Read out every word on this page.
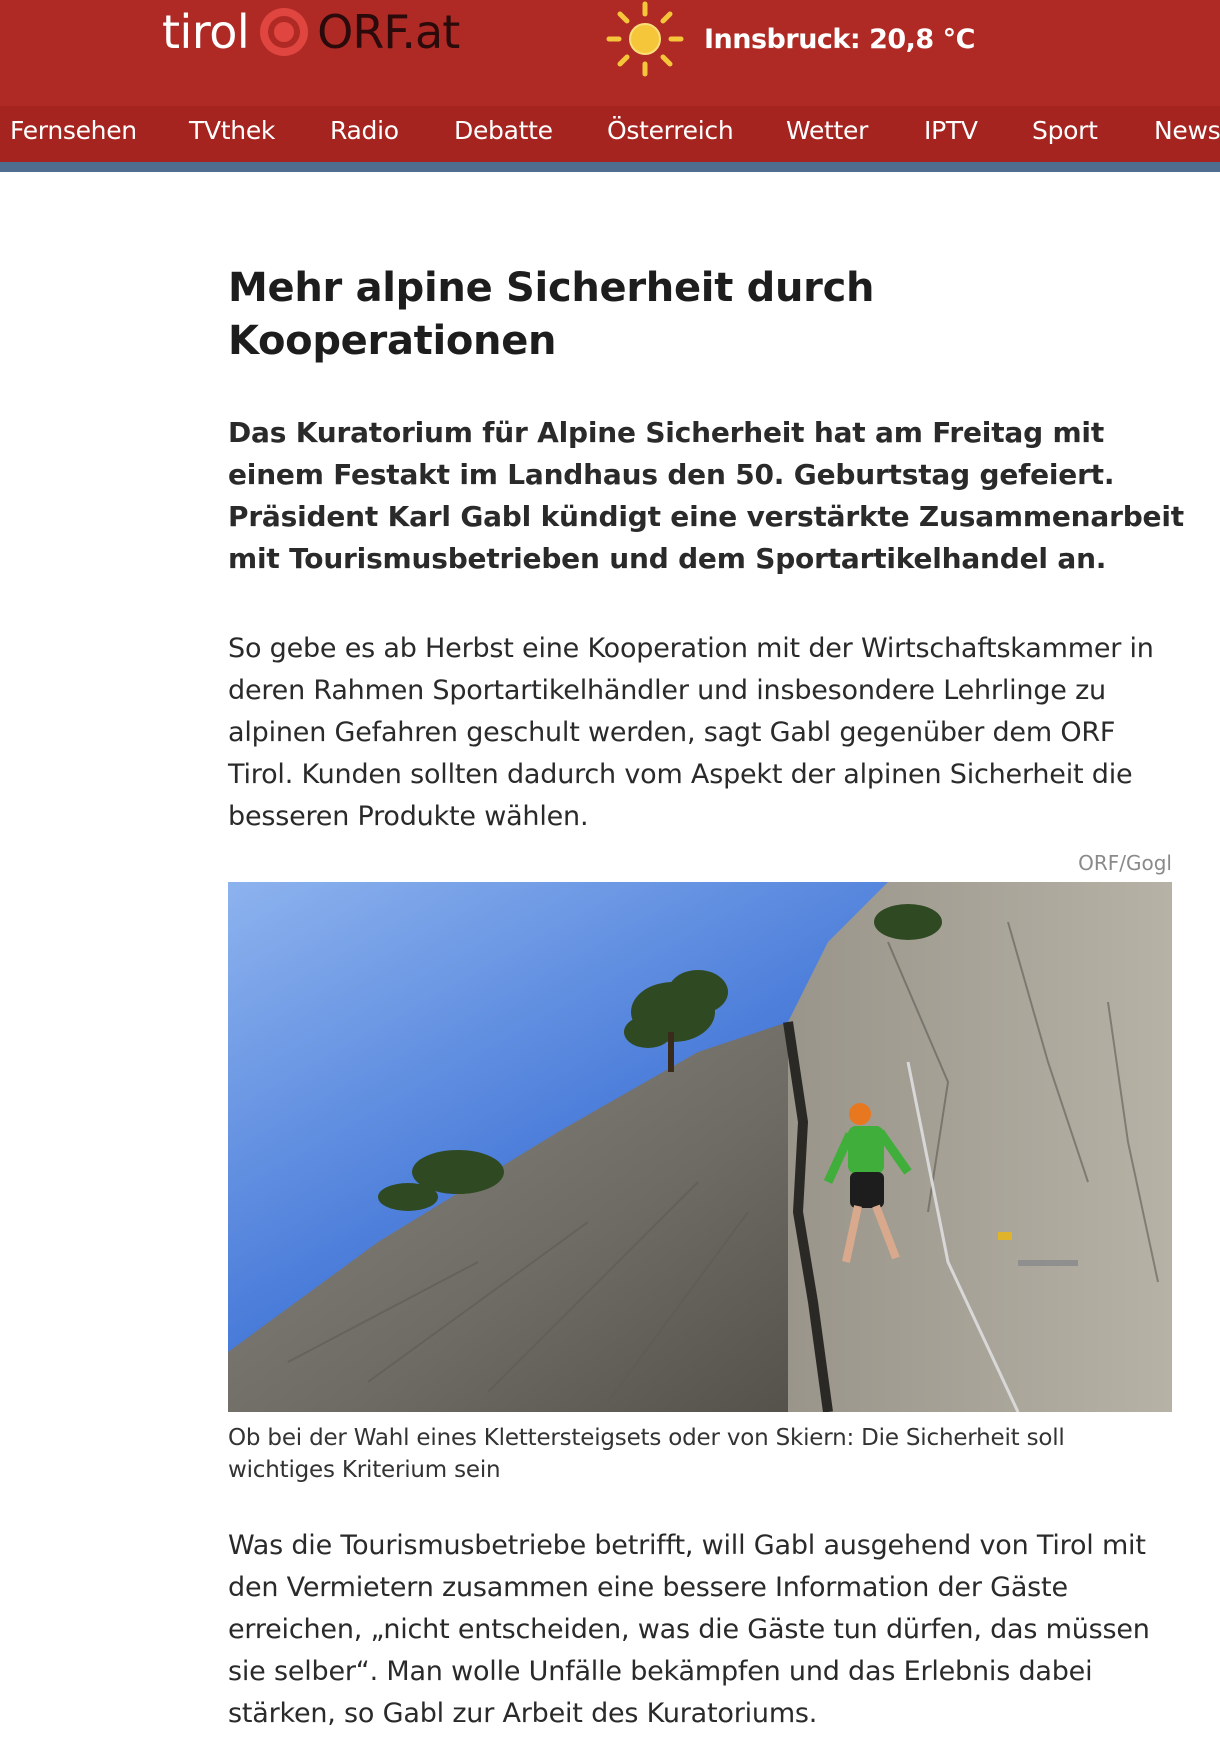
tirol ORF.at	Innsbruck: 20,8 °C
Fernsehen TVthek Radio Debatte Österreich Wetter IPTV Sport News
Mehr alpine Sicherheit durch
Kooperationen

Das Kuratorium für Alpine Sicherheit hat am Freitag mit einem Festakt im Landhaus den 50. Geburtstag gefeiert. Präsident Karl Gabl kündigt eine verstärkte Zusammenarbeit mit Tourismusbetrieben und dem Sportartikelhandel an.

So gebe es ab Herbst eine Kooperation mit der Wirtschaftskammer in deren Rahmen Sportartikelhändler und insbesondere Lehrlinge zu alpinen Gefahren geschult werden, sagt Gabl gegenüber dem ORF Tirol. Kunden sollten dadurch vom Aspekt der alpinen Sicherheit die besseren Produkte wählen.

ORF/Gogl

Ob bei der Wahl eines Klettersteigsets oder von Skiern: Die Sicherheit soll wichtiges Kriterium sein

Was die Tourismusbetriebe betrifft, will Gabl ausgehend von Tirol mit den Vermietern zusammen eine bessere Information der Gäste erreichen, „nicht entscheiden, was die Gäste tun dürfen, das müssen sie selber“. Man wolle Unfälle bekämpfen und das Erlebnis dabei stärken, so Gabl zur Arbeit des Kuratoriums.
